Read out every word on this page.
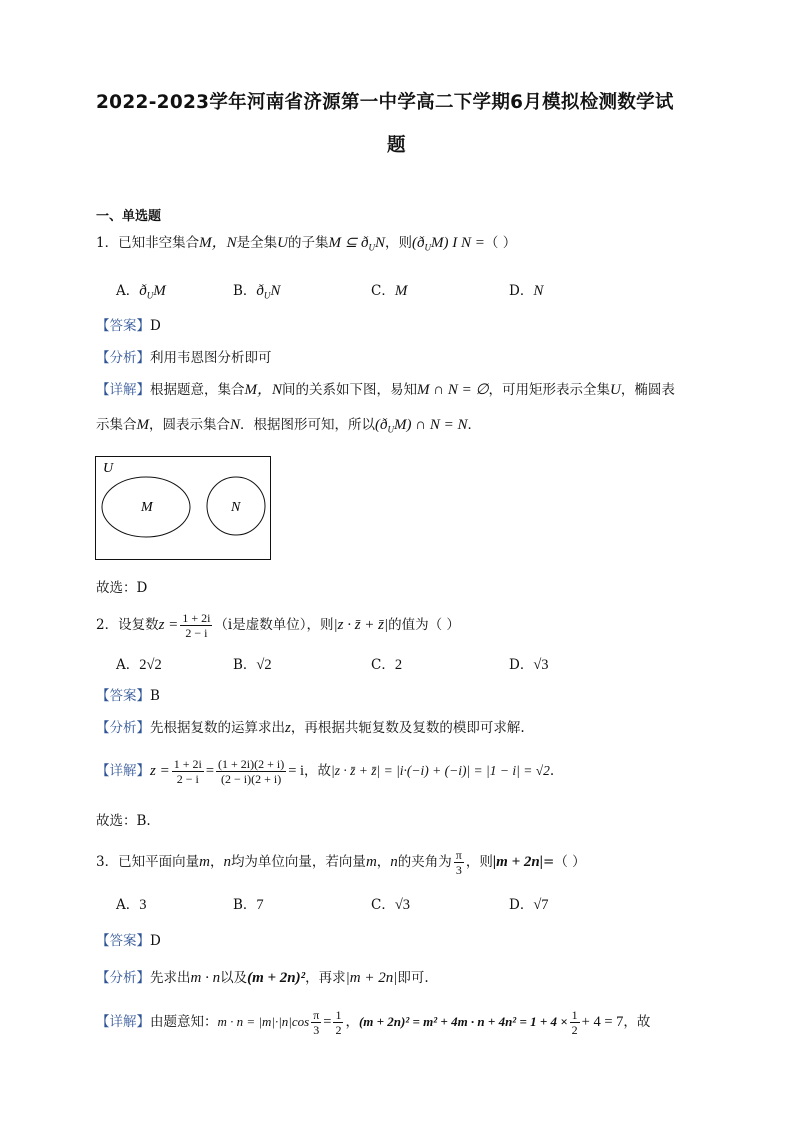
2022-2023学年河南省济源第一中学高二下学期6月模拟检测数学试
题
一、单选题
1．已知非空集合M，N是全集U的子集M ⊆ $ð_UN$，则$(ð_UM)$ I N =（ ）
A．$ð_UM$	B．$ð_UN$	C．M	D．N
【答案】D
【分析】利用韦恩图分析即可
【详解】根据题意，集合M，N间的关系如下图，易知M ∩ N = ∅，可用矩形表示全集U，椭圆表
示集合M，圆表示集合N．根据图形可知，所以$(ð_UM)$ ∩ N = N．
U
M	N
故选：D
2．设复数$z = \frac{1 + 2i}{2 - i} (i$是虚数单位），则|z · z̄ + z̄|的值为（ ）
A．2√2	B．√2	C．2	D．√3
【答案】B
【分析】先根据复数的运算求出z，再根据共轭复数及复数的模即可求解.
【详解】$z = \frac{1 + 2i}{2 - i} = \frac{(1 + 2i)(2 + i)}{(2 - i)(2 + i)} = i$，故|z · z̄ + z̄| = |i·(−i) + (−i)| = |1 − i| = √2.
故选：B.
3．已知平面向量m，n均为单位向量，若向量m，n的夹角为 $\frac{\pi}{3}$ ，则|m + 2n|=（ ）
A．3	B．7	C．√3	D．√7
【答案】D
【分析】先求出m · n以及(m + 2n)²，再求|m + 2n|即可.
【详解】由题意知：$m \cdot n = |m|\cdot|n|\cos \frac{\pi}{3} = \frac{1}{2}$ ，$(m + 2n)^2 = m^2 + 4m \cdot n + 4n^2 = 1 + 4 \times \frac{1}{2} + 4 = 7$，故
